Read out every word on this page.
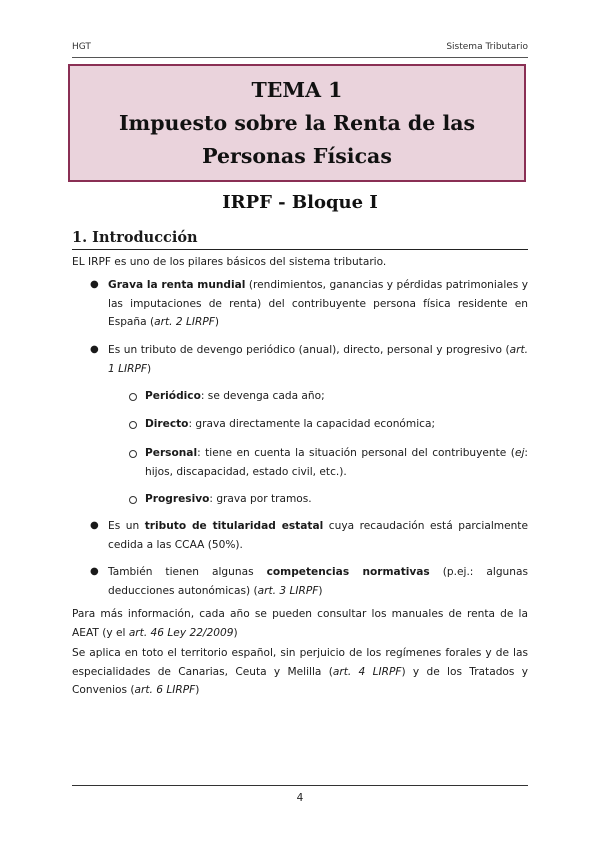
HGT	Sistema Tributario
TEMA 1
Impuesto sobre la Renta de las
Personas Físicas
IRPF - Bloque I
1. Introducción
EL IRPF es uno de los pilares básicos del sistema tributario.
● Grava la renta mundial (rendimientos, ganancias y pérdidas patrimoniales y las imputaciones de renta) del contribuyente persona física residente en España (art. 2 LIRPF)
● Es un tributo de devengo periódico (anual), directo, personal y progresivo (art. 1 LIRPF)
Periódico: se devenga cada año;
Directo: grava directamente la capacidad económica;
Personal: tiene en cuenta la situación personal del contribuyente (ej: hijos, discapacidad, estado civil, etc.).
Progresivo: grava por tramos.
● Es un tributo de titularidad estatal cuya recaudación está parcialmente cedida a las CCAA (50%).
● También tienen algunas competencias normativas (p.ej.: algunas deducciones autonómicas) (art. 3 LIRPF)
Para más información, cada año se pueden consultar los manuales de renta de la AEAT (y el art. 46 Ley 22/2009)
Se aplica en toto el territorio español, sin perjuicio de los regímenes forales y de las especialidades de Canarias, Ceuta y Melilla (art. 4 LIRPF) y de los Tratados y Convenios (art. 6 LIRPF)
4
